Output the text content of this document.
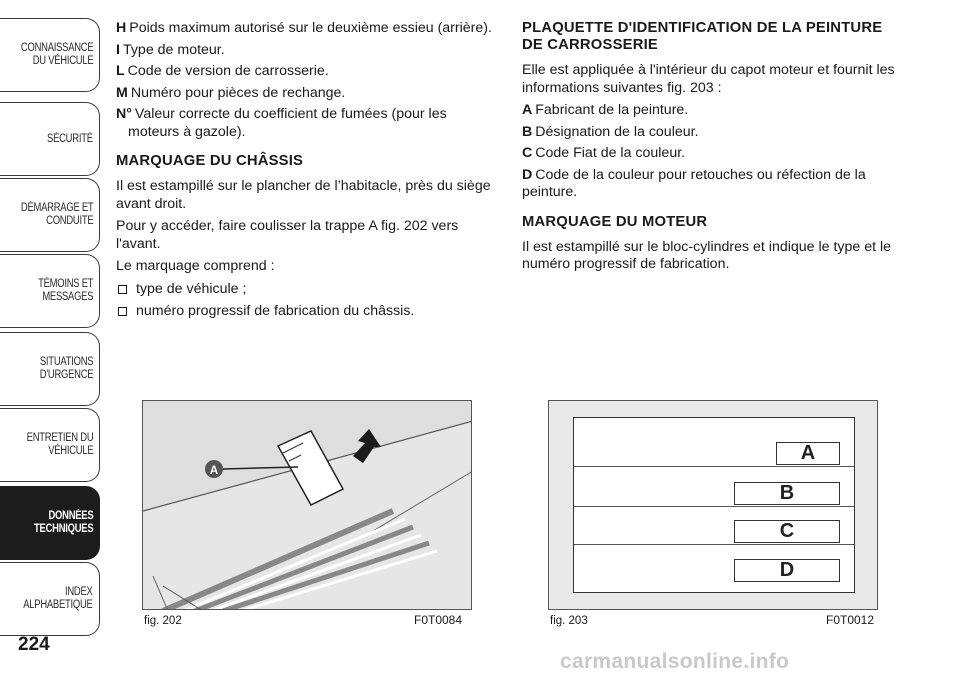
CONNAISSANCE
DU VÉHICULE
SÉCURITÉ
DÉMARRAGE ET
CONDUITE
TÉMOINS ET
MESSAGES
SITUATIONS
D'URGENCE
ENTRETIEN DU
VÉHICULE
DONNÉES
TECHNIQUES
INDEX
ALPHABETIQUE
224
H Poids maximum autorisé sur le deuxième essieu (arrière).
I Type de moteur.
L Code de version de carrosserie.
M Numéro pour pièces de rechange.
N° Valeur correcte du coefficient de fumées (pour les moteurs à gazole).
MARQUAGE DU CHÂSSIS
Il est estampillé sur le plancher de l’habitacle, près du siège avant droit.
Pour y accéder, faire coulisser la trappe A fig. 202 vers l'avant.
Le marquage comprend :
type de véhicule ;
numéro progressif de fabrication du châssis.
PLAQUETTE D'IDENTIFICATION DE LA PEINTURE DE CARROSSERIE
Elle est appliquée à l'intérieur du capot moteur et fournit les informations suivantes fig. 203 :
A Fabricant de la peinture.
B Désignation de la couleur.
C Code Fiat de la couleur.
D Code de la couleur pour retouches ou réfection de la peinture.
MARQUAGE DU MOTEUR
Il est estampillé sur le bloc-cylindres et indique le type et le numéro progressif de fabrication.
A
fig. 202	F0T0084
A
B
C
D
fig. 203	F0T0012
carmanualsonline.info
